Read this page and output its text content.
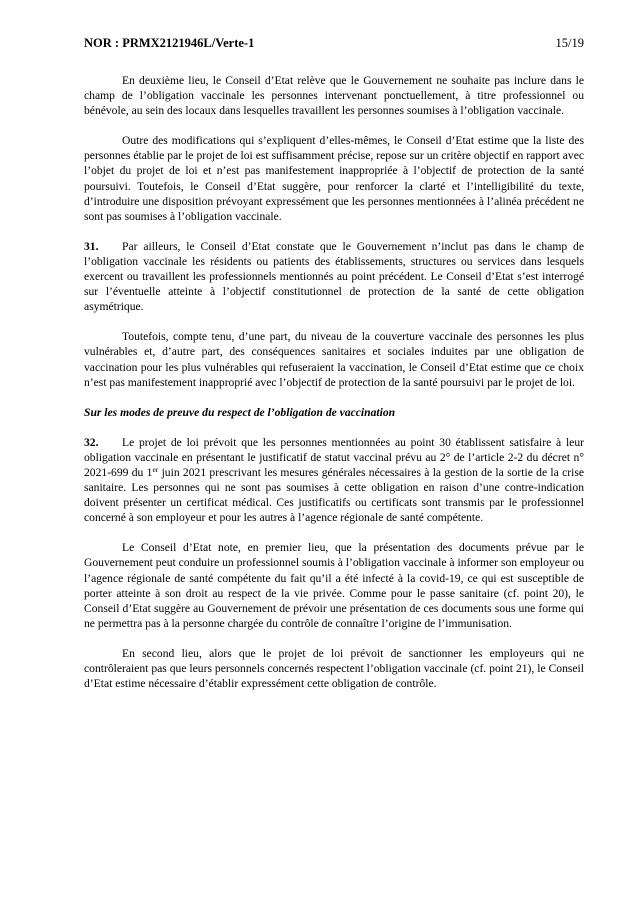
NOR : PRMX2121946L/Verte-1	15/19

En deuxième lieu, le Conseil d’Etat relève que le Gouvernement ne souhaite pas inclure dans le champ de l’obligation vaccinale les personnes intervenant ponctuellement, à titre professionnel ou bénévole, au sein des locaux dans lesquelles travaillent les personnes soumises à l’obligation vaccinale.

Outre des modifications qui s’expliquent d’elles-mêmes, le Conseil d’Etat estime que la liste des personnes établie par le projet de loi est suffisamment précise, repose sur un critère objectif en rapport avec l’objet du projet de loi et n’est pas manifestement inappropriée à l’objectif de protection de la santé poursuivi. Toutefois, le Conseil d’Etat suggère, pour renforcer la clarté et l’intelligibilité du texte, d’introduire une disposition prévoyant expressément que les personnes mentionnées à l’alinéa précédent ne sont pas soumises à l’obligation vaccinale.

31. Par ailleurs, le Conseil d’Etat constate que le Gouvernement n’inclut pas dans le champ de l’obligation vaccinale les résidents ou patients des établissements, structures ou services dans lesquels exercent ou travaillent les professionnels mentionnés au point précédent. Le Conseil d’Etat s’est interrogé sur l’éventuelle atteinte à l’objectif constitutionnel de protection de la santé de cette obligation asymétrique.

Toutefois, compte tenu, d’une part, du niveau de la couverture vaccinale des personnes les plus vulnérables et, d’autre part, des conséquences sanitaires et sociales induites par une obligation de vaccination pour les plus vulnérables qui refuseraient la vaccination, le Conseil d’Etat estime que ce choix n’est pas manifestement inapproprié avec l’objectif de protection de la santé poursuivi par le projet de loi.

Sur les modes de preuve du respect de l’obligation de vaccination

32. Le projet de loi prévoit que les personnes mentionnées au point 30 établissent satisfaire à leur obligation vaccinale en présentant le justificatif de statut vaccinal prévu au 2° de l’article 2-2 du décret n° 2021-699 du 1er juin 2021 prescrivant les mesures générales nécessaires à la gestion de la sortie de la crise sanitaire. Les personnes qui ne sont pas soumises à cette obligation en raison d’une contre-indication doivent présenter un certificat médical. Ces justificatifs ou certificats sont transmis par le professionnel concerné à son employeur et pour les autres à l’agence régionale de santé compétente.

Le Conseil d’Etat note, en premier lieu, que la présentation des documents prévue par le Gouvernement peut conduire un professionnel soumis à l’obligation vaccinale à informer son employeur ou l’agence régionale de santé compétente du fait qu’il a été infecté à la covid-19, ce qui est susceptible de porter atteinte à son droit au respect de la vie privée. Comme pour le passe sanitaire (cf. point 20), le Conseil d’Etat suggère au Gouvernement de prévoir une présentation de ces documents sous une forme qui ne permettra pas à la personne chargée du contrôle de connaître l’origine de l’immunisation.

En second lieu, alors que le projet de loi prévoit de sanctionner les employeurs qui ne contrôleraient pas que leurs personnels concernés respectent l’obligation vaccinale (cf. point 21), le Conseil d’Etat estime nécessaire d’établir expressément cette obligation de contrôle.
